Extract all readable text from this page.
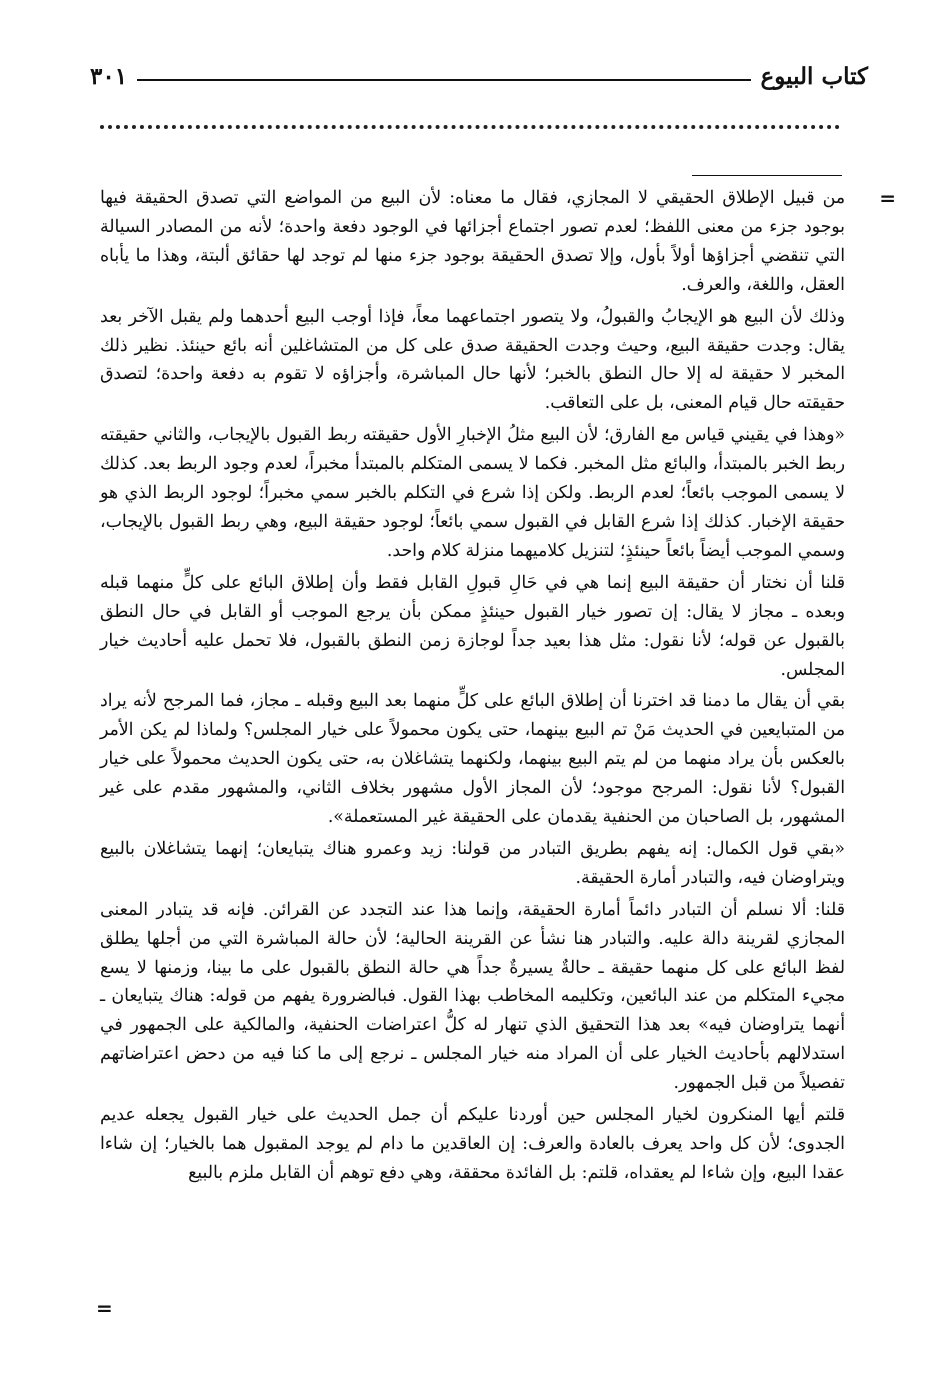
كتاب البيوع
٣٠١
=

من قبيل الإطلاق الحقيقي لا المجازي، فقال ما معناه: لأن البيع من المواضع التي تصدق الحقيقة فيها بوجود جزء من معنى اللفظ؛ لعدم تصور اجتماع أجزائها في الوجود دفعة واحدة؛ لأنه من المصادر السيالة التي تنقضي أجزاؤها أولاً بأول، وإلا تصدق الحقيقة بوجود جزء منها لم توجد لها حقائق ألبتة، وهذا ما يأباه العقل، واللغة، والعرف.

وذلك لأن البيع هو الإيجابُ والقبولُ، ولا يتصور اجتماعهما معاً، فإذا أوجب البيع أحدهما ولم يقبل الآخر بعد يقال: وجدت حقيقة البيع، وحيث وجدت الحقيقة صدق على كل من المتشاغلين أنه بائع حينئذ. نظير ذلك المخبر لا حقيقة له إلا حال النطق بالخبر؛ لأنها حال المباشرة، وأجزاؤه لا تقوم به دفعة واحدة؛ لتصدق حقيقته حال قيام المعنى، بل على التعاقب.

«وهذا في يقيني قياس مع الفارق؛ لأن البيع مثلُ الإخبارِ الأول حقيقته ربط القبول بالإيجاب، والثاني حقيقته ربط الخبر بالمبتدأ، والبائع مثل المخبر. فكما لا يسمى المتكلم بالمبتدأ مخبراً، لعدم وجود الربط بعد. كذلك لا يسمى الموجب بائعاً؛ لعدم الربط. ولكن إذا شرع في التكلم بالخبر سمي مخبراً؛ لوجود الربط الذي هو حقيقة الإخبار. كذلك إذا شرع القابل في القبول سمي بائعاً؛ لوجود حقيقة البيع، وهي ربط القبول بالإيجاب، وسمي الموجب أيضاً بائعاً حينئذٍ؛ لتنزيل كلاميهما منزلة كلام واحد.

قلنا أن نختار أن حقيقة البيع إنما هي في حَالِ قبولِ القابل فقط وأن إطلاق البائع على كلٍّ منهما قبله وبعده ـ مجاز لا يقال: إن تصور خيار القبول حينئذٍ ممكن بأن يرجع الموجب أو القابل في حال النطق بالقبول عن قوله؛ لأنا نقول: مثل هذا بعيد جداً لوجازة زمن النطق بالقبول، فلا تحمل عليه أحاديث خيار المجلس.

بقي أن يقال ما دمنا قد اخترنا أن إطلاق البائع على كلٍّ منهما بعد البيع وقبله ـ مجاز، فما المرجح لأنه يراد من المتبايعين في الحديث مَنْ تم البيع بينهما، حتى يكون محمولاً على خيار المجلس؟ ولماذا لم يكن الأمر بالعكس بأن يراد منهما من لم يتم البيع بينهما، ولكنهما يتشاغلان به، حتى يكون الحديث محمولاً على خيار القبول؟ لأنا نقول: المرجح موجود؛ لأن المجاز الأول مشهور بخلاف الثاني، والمشهور مقدم على غير المشهور، بل الصاحبان من الحنفية يقدمان على الحقيقة غير المستعملة».

«بقي قول الكمال: إنه يفهم بطريق التبادر من قولنا: زيد وعمرو هناك يتبايعان؛ إنهما يتشاغلان بالبيع ويتراوضان فيه، والتبادر أمارة الحقيقة.

قلنا: ألا نسلم أن التبادر دائماً أمارة الحقيقة، وإنما هذا عند التجدد عن القرائن. فإنه قد يتبادر المعنى المجازي لقرينة دالة عليه. والتبادر هنا نشأ عن القرينة الحالية؛ لأن حالة المباشرة التي من أجلها يطلق لفظ البائع على كل منهما حقيقة ـ حالةٌ يسيرةٌ جداً هي حالة النطق بالقبول على ما بينا، وزمنها لا يسع مجيء المتكلم من عند البائعين، وتكليمه المخاطب بهذا القول. فبالضرورة يفهم من قوله: هناك يتبايعان ـ أنهما يتراوضان فيه» بعد هذا التحقيق الذي تنهار له كلُّ اعتراضات الحنفية، والمالكية على الجمهور في استدلالهم بأحاديث الخيار على أن المراد منه خيار المجلس ـ نرجع إلى ما كنا فيه من دحض اعتراضاتهم تفصيلاً من قبل الجمهور.

قلتم أيها المنكرون لخيار المجلس حين أوردنا عليكم أن جمل الحديث على خيار القبول يجعله عديم الجدوى؛ لأن كل واحد يعرف بالعادة والعرف: إن العاقدين ما دام لم يوجد المقبول هما بالخيار؛ إن شاءا عقدا البيع، وإن شاءا لم يعقداه، قلتم: بل الفائدة محققة، وهي دفع توهم أن القابل ملزم بالبيع

=
